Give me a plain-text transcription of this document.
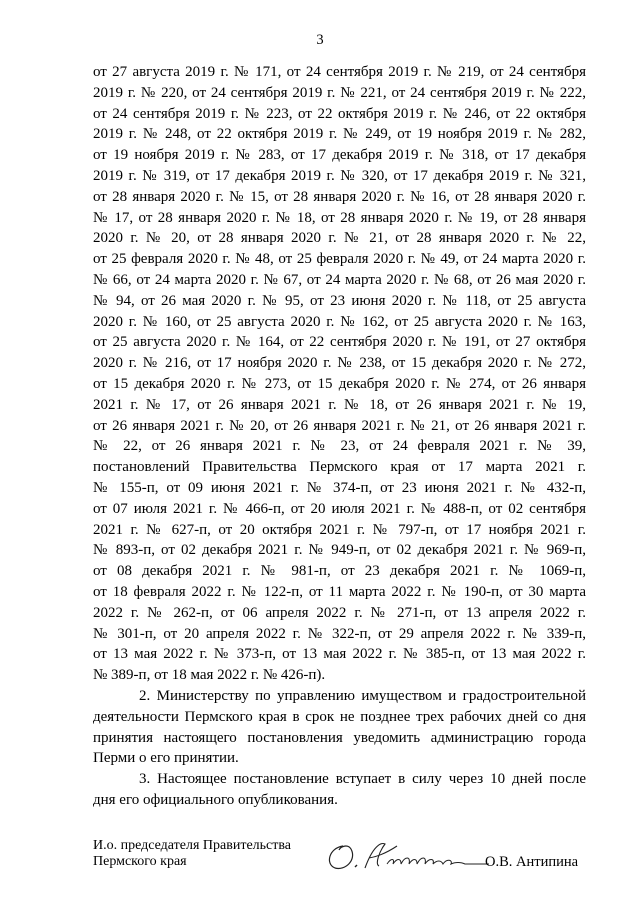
3
от 27 августа 2019 г. № 171, от 24 сентября 2019 г. № 219, от 24 сентября
2019 г. № 220, от 24 сентября 2019 г. № 221, от 24 сентября 2019 г. № 222,
от 24 сентября 2019 г. № 223, от 22 октября 2019 г. № 246, от 22 октября
2019 г. № 248, от 22 октября 2019 г. № 249, от 19 ноября 2019 г. № 282,
от 19 ноября 2019 г. № 283, от 17 декабря 2019 г. № 318, от 17 декабря
2019 г. № 319, от 17 декабря 2019 г. № 320, от 17 декабря 2019 г. № 321,
от 28 января 2020 г. № 15, от 28 января 2020 г. № 16, от 28 января 2020 г.
№ 17, от 28 января 2020 г. № 18, от 28 января 2020 г. № 19, от 28 января
2020 г. № 20, от 28 января 2020 г. № 21, от 28 января 2020 г. № 22,
от 25 февраля 2020 г. № 48, от 25 февраля 2020 г. № 49, от 24 марта 2020 г.
№ 66, от 24 марта 2020 г. № 67, от 24 марта 2020 г. № 68, от 26 мая 2020 г.
№ 94, от 26 мая 2020 г. № 95, от 23 июня 2020 г. № 118, от 25 августа
2020 г. № 160, от 25 августа 2020 г. № 162, от 25 августа 2020 г. № 163,
от 25 августа 2020 г. № 164, от 22 сентября 2020 г. № 191, от 27 октября
2020 г. № 216, от 17 ноября 2020 г. № 238, от 15 декабря 2020 г. № 272,
от 15 декабря 2020 г. № 273, от 15 декабря 2020 г. № 274, от 26 января
2021 г. № 17, от 26 января 2021 г. № 18, от 26 января 2021 г. № 19,
от 26 января 2021 г. № 20, от 26 января 2021 г. № 21, от 26 января 2021 г.
№ 22, от 26 января 2021 г. № 23, от 24 февраля 2021 г. № 39,
постановлений Правительства Пермского края от 17 марта 2021 г.
№ 155-п, от 09 июня 2021 г. № 374-п, от 23 июня 2021 г. № 432-п,
от 07 июля 2021 г. № 466-п, от 20 июля 2021 г. № 488-п, от 02 сентября
2021 г. № 627-п, от 20 октября 2021 г. № 797-п, от 17 ноября 2021 г.
№ 893-п, от 02 декабря 2021 г. № 949-п, от 02 декабря 2021 г. № 969-п,
от 08 декабря 2021 г. № 981-п, от 23 декабря 2021 г. № 1069-п,
от 18 февраля 2022 г. № 122-п, от 11 марта 2022 г. № 190-п, от 30 марта
2022 г. № 262-п, от 06 апреля 2022 г. № 271-п, от 13 апреля 2022 г.
№ 301-п, от 20 апреля 2022 г. № 322-п, от 29 апреля 2022 г. № 339-п,
от 13 мая 2022 г. № 373-п, от 13 мая 2022 г. № 385-п, от 13 мая 2022 г.
№ 389-п, от 18 мая 2022 г. № 426-п).
2. Министерству по управлению имуществом и градостроительной
деятельности Пермского края в срок не позднее трех рабочих дней со дня
принятия настоящего постановления уведомить администрацию города
Перми о его принятии.
3. Настоящее постановление вступает в силу через 10 дней после
дня его официального опубликования.
И.о. председателя Правительства
Пермского края	О.В. Антипина
